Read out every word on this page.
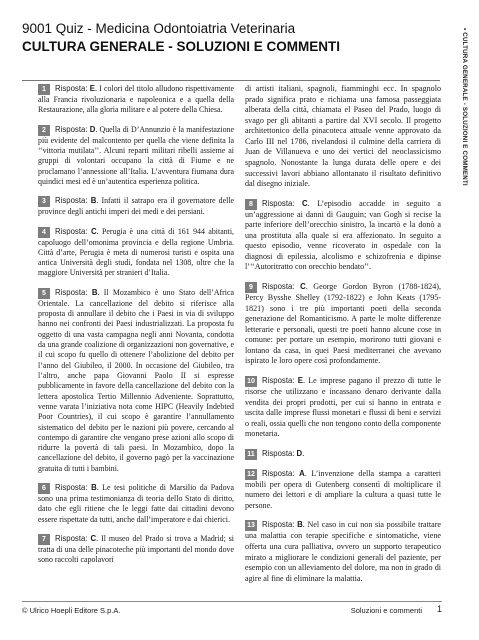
9001 Quiz - Medicina Odontoiatria Veterinaria
CULTURA GENERALE - SOLUZIONI E COMMENTI	• CULTURA GENERALE - SOLUZIONI E COMMENTI

1 Risposta: E. I colori del titolo alludono rispettivamente alla Francia rivoluzionaria e napoleonica e a quella della Restaurazione, alla gloria militare e al potere della Chiesa.

2 Risposta: D. Quella di D’Annunzio è la manifestazione più evidente del malcontento per quella che viene definita la ‘‘vittoria mutilata’’. Alcuni reparti militari ribelli assieme ai gruppi di volontari occupano la città di Fiume e ne proclamano l’annessione all’Italia. L’avventura fiumana dura quindici mesi ed è un’autentica esperienza politica.

3 Risposta: B. Infatti il satrapo era il governatore delle province degli antichi imperi dei medi e dei persiani.

4 Risposta: C. Perugia è una città di 161 944 abitanti, capoluogo dell’omonima provincia e della regione Umbria. Città d’arte, Perugia è meta di numerosi turisti e ospita una antica Università degli studi, fondata nel 1308, oltre che la maggiore Università per stranieri d’Italia.

5 Risposta: B. Il Mozambico è uno Stato dell’Africa Orientale. La cancellazione del debito si riferisce alla proposta di annullare il debito che i Paesi in via di sviluppo hanno nei confronti dei Paesi industrializzati. La proposta fu oggetto di una vasta campagna negli anni Novanta, condotta da una grande coalizione di organizzazioni non governative, e il cui scopo fu quello di ottenere l’abolizione del debito per l’anno del Giubileo, il 2000. In occasione del Giubileo, tra l’altro, anche papa Giovanni Paolo II si espresse pubblicamente in favore della cancellazione del debito con la lettera apostolica Tertio Millennio Adveniente. Soprattutto, venne varata l’iniziativa nota come HIPC (Heavily Indebted Poor Countries), il cui scopo è garantire l’annullamento sistematico del debito per le nazioni più povere, cercando al contempo di garantire che vengano prese azioni allo scopo di ridurre la povertà di tali paesi. In Mozambico, dopo la cancellazione del debito, il governo pagò per la vaccinazione gratuita di tutti i bambini.

6 Risposta: B. Le tesi politiche di Marsilio da Padova sono una prima testimonianza di teoria dello Stato di diritto, dato che egli ritiene che le leggi fatte dai cittadini devono essere rispettate da tutti, anche dall’imperatore e dai chierici.

7 Risposta: C. Il museo del Prado si trova a Madrid; si tratta di una delle pinacoteche più importanti del mondo dove sono raccolti capolavori

di artisti italiani, spagnoli, fiamminghi ecc. In spagnolo prado significa prato e richiama una famosa passeggiata alberata della città, chiamata el Paseo del Prado, luogo di svago per gli abitanti a partire dal XVI secolo. Il progetto architettonico della pinacoteca attuale venne approvato da Carlo III nel 1786, rivelandosi il culmine della carriera di Juan de Villanueva e uno dei vertici del neoclassicismo spagnolo. Nonostante la lunga durata delle opere e dei successivi lavori abbiano allontanato il risultato definitivo dal disegno iniziale.

8 Risposta: C. L’episodio accadde in seguito a un’aggressione ai danni di Gauguin; van Gogh si recise la parte inferiore dell’orecchio sinistro, la incartò e la donò a una prostituta alla quale si era affezionato. In seguito a questo episodio, venne ricoverato in ospedale con la diagnosi di epilessia, alcolismo e schizofrenia e dipinse l’‘‘Autoritratto con orecchio bendato’’.

9 Risposta: C. George Gordon Byron (1788-1824), Percy Bysshe Shelley (1792-1822) e John Keats (1795-1821) sono i tre più importanti poeti della seconda generazione del Romanticismo. A parte le molte differenze letterarie e personali, questi tre poeti hanno alcune cose in comune: per portare un esempio, morirono tutti giovani e lontano da casa, in quei Paesi mediterranei che avevano ispirato le loro opere così profondamente.

10 Risposta: E. Le imprese pagano il prezzo di tutte le risorse che utilizzano e incassano denaro derivante dalla vendita dei propri prodotti, per cui si hanno in entrata e uscita dalle imprese flussi monetari e flussi di beni e servizi o reali, ossia quelli che non tengono conto della componente monetaria.

11 Risposta: D.

12 Risposta: A. L’invenzione della stampa a caratteri mobili per opera di Gutenberg consentì di moltiplicare il numero dei lettori e di ampliare la cultura a quasi tutte le persone.

13 Risposta: B. Nel caso in cui non sia possibile trattare una malattia con terapie specifiche e sintomatiche, viene offerta una cura palliativa, ovvero un supporto terapeutico mirato a migliorare le condizioni generali del paziente, per esempio con un alleviamento del dolore, ma non in grado di agire al fine di eliminare la malattia.

© Ulrico Hoepli Editore S.p.A.	Soluzioni e commenti 1
